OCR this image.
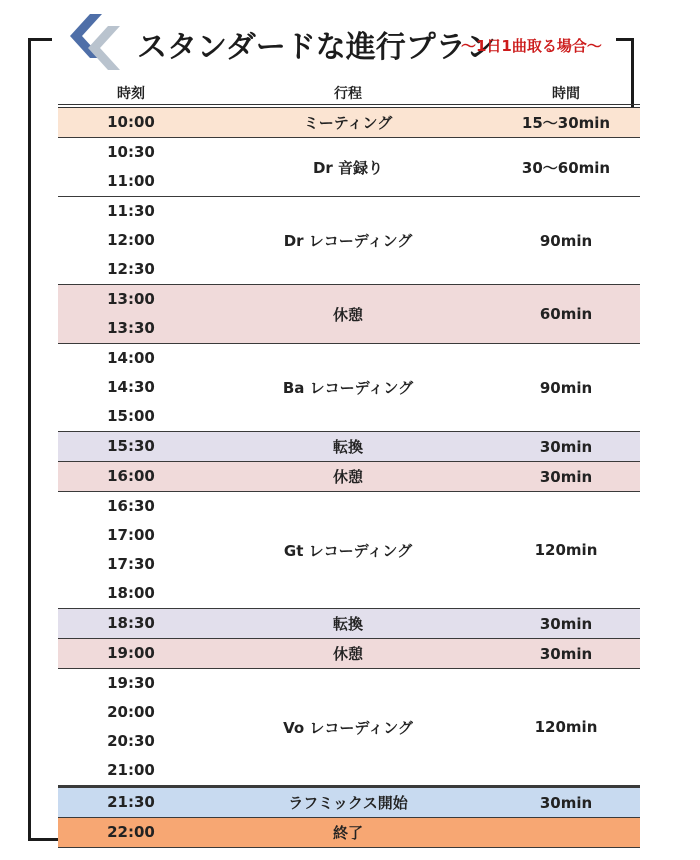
スタンダードな進行プラン
～1日1曲取る場合～
時刻	行程	時間
10:00	ミーティング	15～30min
10:30
11:00
Dr 音録り	30～60min
11:30
12:00
12:30
Dr レコーディング	90min
13:00
13:30
休憩	60min
14:00
14:30
15:00
Ba レコーディング	90min
15:30	転換	30min
16:00	休憩	30min
16:30
17:00
17:30
18:00
Gt レコーディング	120min
18:30	転換	30min
19:00	休憩	30min
19:30
20:00
20:30
21:00
Vo レコーディング	120min
21:30	ラフミックス開始	30min
22:00	終了
